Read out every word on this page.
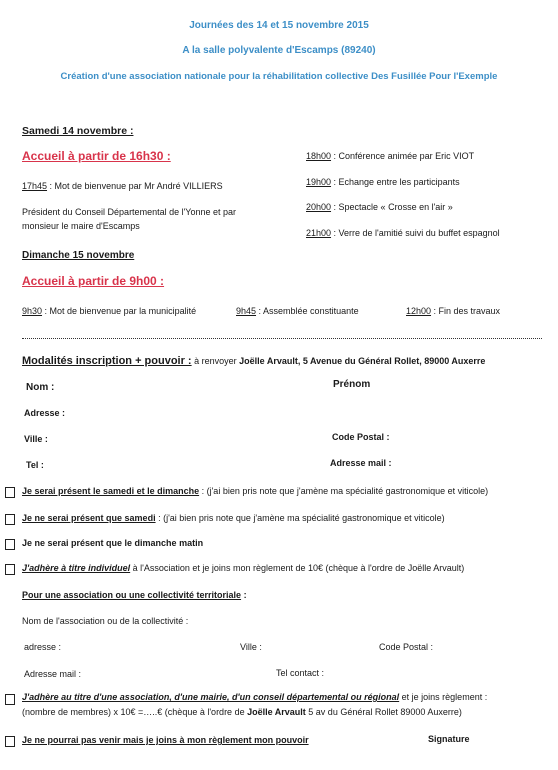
Journées des 14 et 15 novembre 2015
A la salle polyvalente d'Escamps (89240)
Création d'une association nationale pour la réhabilitation collective Des Fusillée Pour l'Exemple
Samedi 14 novembre :
Accueil à partir de 16h30 :
17h45 : Mot de bienvenue par Mr André VILLIERS
Président du Conseil Départemental de l'Yonne et par
monsieur le maire d'Escamps
18h00 : Conférence animée par Eric VIOT
19h00 : Echange entre les participants
20h00 : Spectacle « Crosse en l'air »
21h00 : Verre de l'amitié suivi du buffet espagnol
Dimanche 15 novembre
Accueil à partir de 9h00 :
9h30 : Mot de bienvenue par la municipalité	9h45 : Assemblée constituante	12h00 : Fin des travaux
Modalités inscription + pouvoir : à renvoyer Joëlle Arvault, 5 Avenue du Général Rollet, 89000 Auxerre
Nom :	Prénom
Adresse :
Ville :	Code Postal :
Tel :	Adresse mail :
Je serai présent le samedi et le dimanche : (j'ai bien pris note que j'amène ma spécialité gastronomique et viticole)
Je ne serai présent que samedi : (j'ai bien pris note que j'amène ma spécialité gastronomique et viticole)
Je ne serai présent que le dimanche matin
J'adhère à titre individuel à l'Association et je joins mon règlement de 10€ (chèque à l'ordre de Joëlle Arvault)
Pour une association ou une collectivité territoriale :
Nom de l'association ou de la collectivité :
adresse :	Ville :	Code Postal :
Adresse mail :	Tel contact :
J'adhère au titre d'une association, d'une mairie, d'un conseil départemental ou régional et je joins règlement :
(nombre de membres) x 10€ =…..€ (chèque à l'ordre de Joëlle Arvault 5 av du Général Rollet 89000 Auxerre)
Je ne pourrai pas venir mais je joins à mon règlement mon pouvoir	Signature
